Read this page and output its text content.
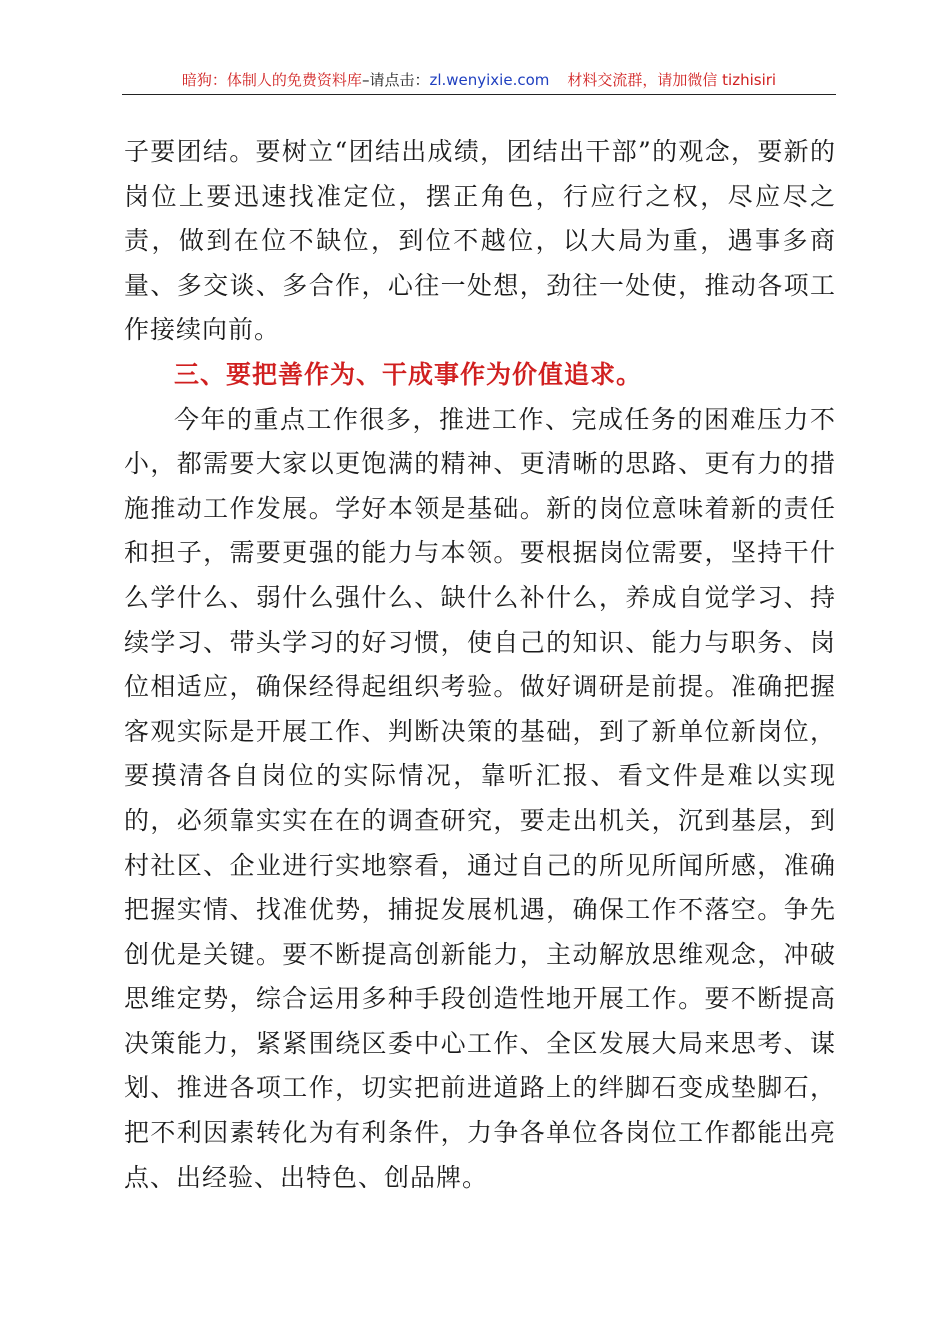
暗狗：体制人的免费资料库–请点击：zl.wenyixie.com 材料交流群，请加微信 tizhisiri

子要团结。要树立“团结出成绩，团结出干部”的观念，要新的岗位上要迅速找准定位，摆正角色，行应行之权，尽应尽之责，做到在位不缺位，到位不越位，以大局为重，遇事多商量、多交谈、多合作，心往一处想，劲往一处使，推动各项工作接续向前。

三、要把善作为、干成事作为价值追求。

今年的重点工作很多，推进工作、完成任务的困难压力不小，都需要大家以更饱满的精神、更清晰的思路、更有力的措施推动工作发展。学好本领是基础。新的岗位意味着新的责任和担子，需要更强的能力与本领。要根据岗位需要，坚持干什么学什么、弱什么强什么、缺什么补什么，养成自觉学习、持续学习、带头学习的好习惯，使自己的知识、能力与职务、岗位相适应，确保经得起组织考验。做好调研是前提。准确把握客观实际是开展工作、判断决策的基础，到了新单位新岗位，要摸清各自岗位的实际情况，靠听汇报、看文件是难以实现的，必须靠实实在在的调查研究，要走出机关，沉到基层，到村社区、企业进行实地察看，通过自己的所见所闻所感，准确把握实情、找准优势，捕捉发展机遇，确保工作不落空。争先创优是关键。要不断提高创新能力，主动解放思维观念，冲破思维定势，综合运用多种手段创造性地开展工作。要不断提高决策能力，紧紧围绕区委中心工作、全区发展大局来思考、谋划、推进各项工作，切实把前进道路上的绊脚石变成垫脚石，把不利因素转化为有利条件，力争各单位各岗位工作都能出亮点、出经验、出特色、创品牌。
